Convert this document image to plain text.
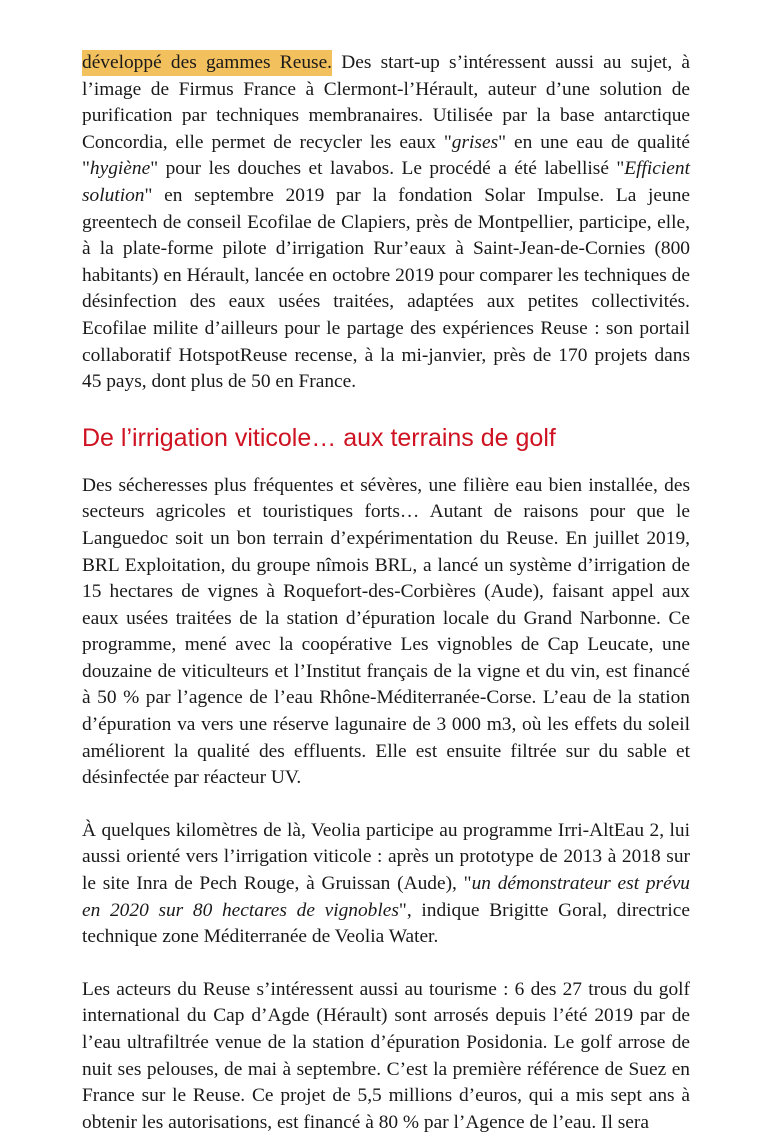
développé des gammes Reuse. Des start-up s’intéressent aussi au sujet, à l’image de Firmus France à Clermont-l’Hérault, auteur d’une solution de purification par techniques membranaires. Utilisée par la base antarctique Concordia, elle permet de recycler les eaux "grises" en une eau de qualité "hygiène" pour les douches et lavabos. Le procédé a été labellisé "Efficient solution" en septembre 2019 par la fondation Solar Impulse. La jeune greentech de conseil Ecofilae de Clapiers, près de Montpellier, participe, elle, à la plate-forme pilote d’irrigation Rur’eaux à Saint-Jean-de-Cornies (800 habitants) en Hérault, lancée en octobre 2019 pour comparer les techniques de désinfection des eaux usées traitées, adaptées aux petites collectivités. Ecofilae milite d’ailleurs pour le partage des expériences Reuse : son portail collaboratif HotspotReuse recense, à la mi-janvier, près de 170 projets dans 45 pays, dont plus de 50 en France.

De l’irrigation viticole… aux terrains de golf

Des sécheresses plus fréquentes et sévères, une filière eau bien installée, des secteurs agricoles et touristiques forts… Autant de raisons pour que le Languedoc soit un bon terrain d’expérimentation du Reuse. En juillet 2019, BRL Exploitation, du groupe nîmois BRL, a lancé un système d’irrigation de 15 hectares de vignes à Roquefort-des-Corbières (Aude), faisant appel aux eaux usées traitées de la station d’épuration locale du Grand Narbonne. Ce programme, mené avec la coopérative Les vignobles de Cap Leucate, une douzaine de viticulteurs et l’Institut français de la vigne et du vin, est financé à 50 % par l’agence de l’eau Rhône-Méditerranée-Corse. L’eau de la station d’épuration va vers une réserve lagunaire de 3 000 m3, où les effets du soleil améliorent la qualité des effluents. Elle est ensuite filtrée sur du sable et désinfectée par réacteur UV.

À quelques kilomètres de là, Veolia participe au programme Irri-AltEau 2, lui aussi orienté vers l’irrigation viticole : après un prototype de 2013 à 2018 sur le site Inra de Pech Rouge, à Gruissan (Aude), "un démonstrateur est prévu en 2020 sur 80 hectares de vignobles", indique Brigitte Goral, directrice technique zone Méditerranée de Veolia Water.

Les acteurs du Reuse s’intéressent aussi au tourisme : 6 des 27 trous du golf international du Cap d’Agde (Hérault) sont arrosés depuis l’été 2019 par de l’eau ultrafiltrée venue de la station d’épuration Posidonia. Le golf arrose de nuit ses pelouses, de mai à septembre. C’est la première référence de Suez en France sur le Reuse. Ce projet de 5,5 millions d’euros, qui a mis sept ans à obtenir les autorisations, est financé à 80 % par l’Agence de l’eau. Il sera
